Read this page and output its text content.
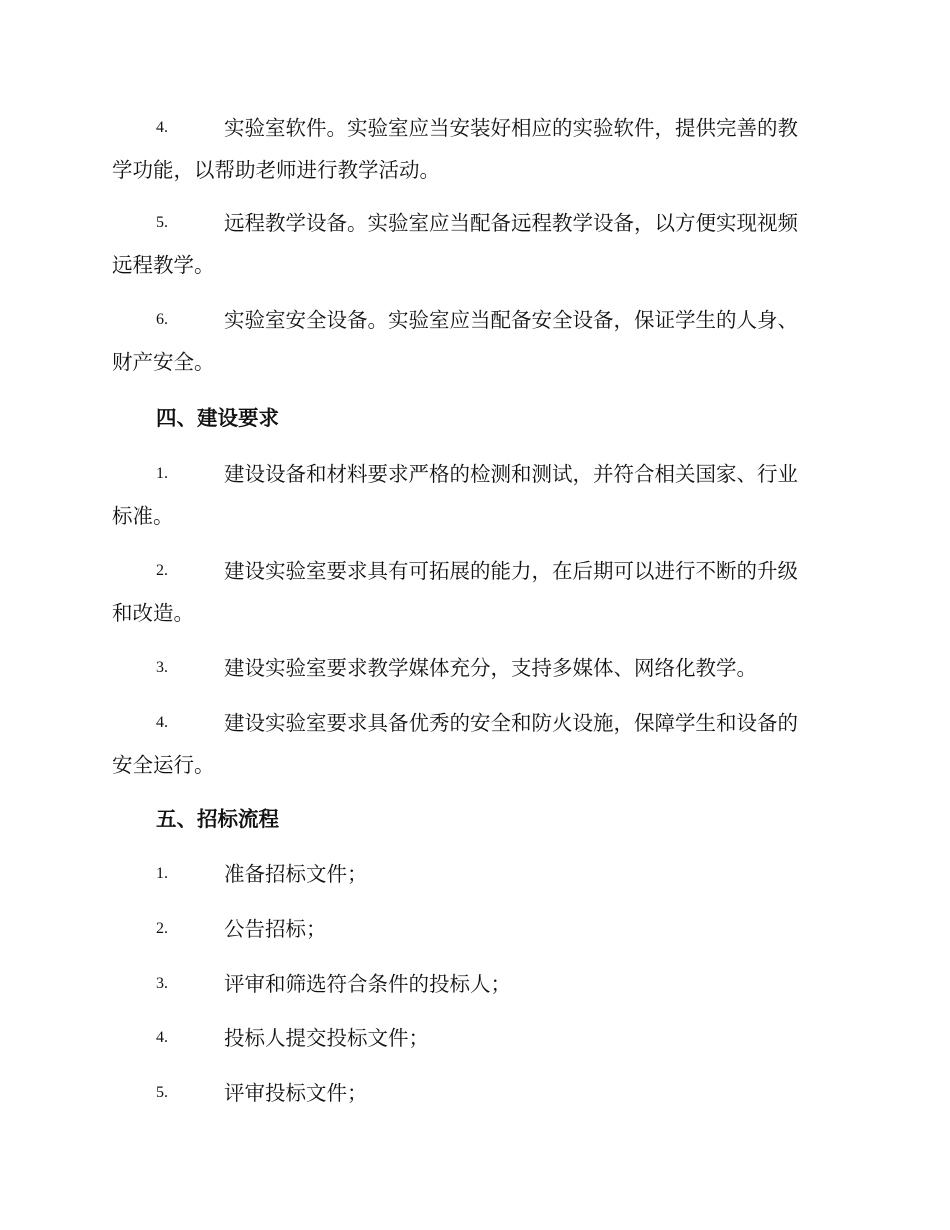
4.	实验室软件。实验室应当安装好相应的实验软件，提供完善的教
学功能，以帮助老师进行教学活动。
5.	远程教学设备。实验室应当配备远程教学设备，以方便实现视频
远程教学。
6.	实验室安全设备。实验室应当配备安全设备，保证学生的人身、
财产安全。
四、建设要求
1.	建设设备和材料要求严格的检测和测试，并符合相关国家、行业
标准。
2.	建设实验室要求具有可拓展的能力，在后期可以进行不断的升级
和改造。
3.	建设实验室要求教学媒体充分，支持多媒体、网络化教学。
4.	建设实验室要求具备优秀的安全和防火设施，保障学生和设备的
安全运行。
五、招标流程
1.	准备招标文件；
2.	公告招标；
3.	评审和筛选符合条件的投标人；
4.	投标人提交投标文件；
5.	评审投标文件；
